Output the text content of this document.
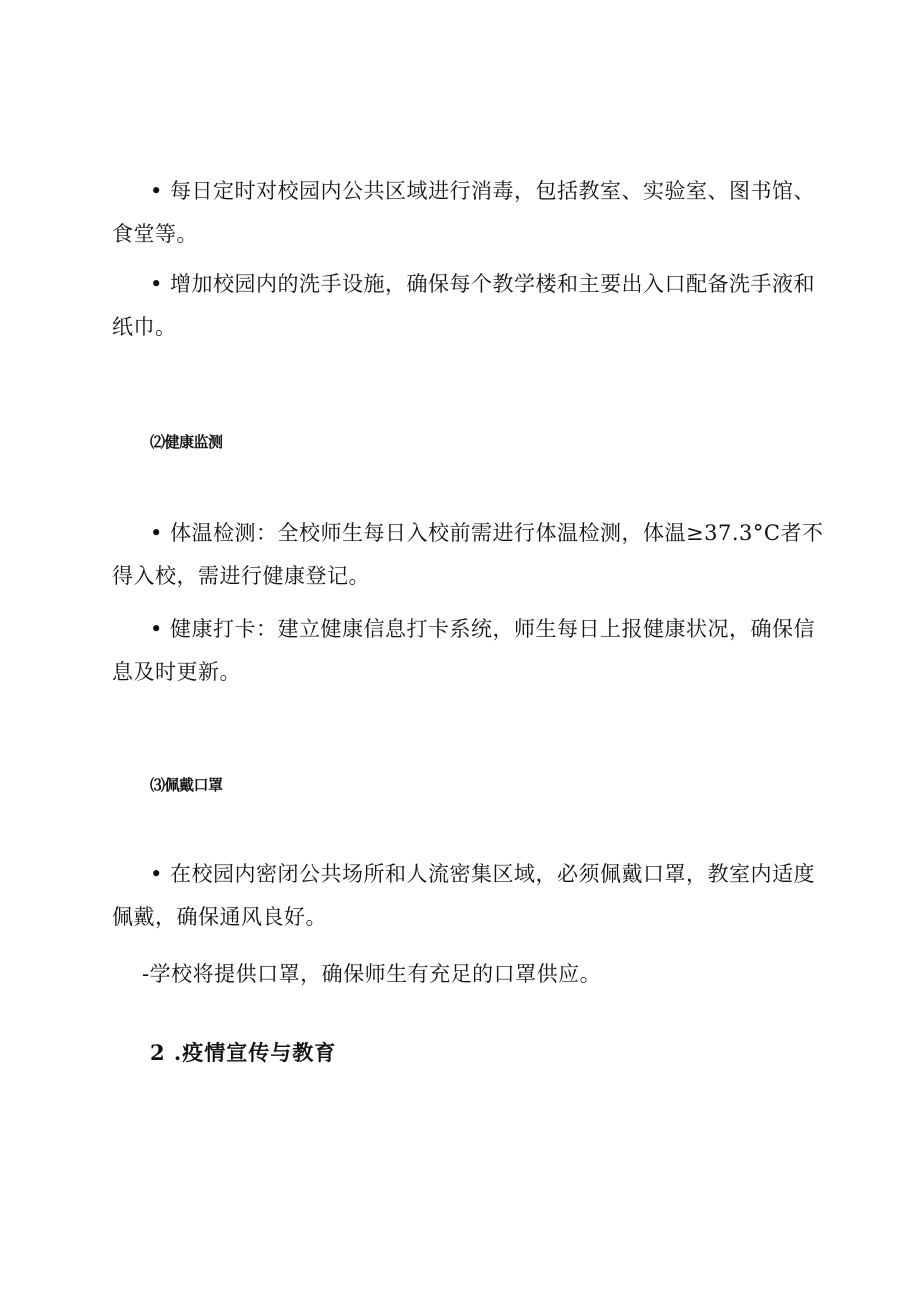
• 每日定时对校园内公共区域进行消毒，包括教室、实验室、图书馆、食堂等。

• 增加校园内的洗手设施，确保每个教学楼和主要出入口配备洗手液和纸巾。

⑵健康监测

• 体温检测：全校师生每日入校前需进行体温检测，体温≥37.3°C者不得入校，需进行健康登记。

• 健康打卡：建立健康信息打卡系统，师生每日上报健康状况，确保信息及时更新。

⑶佩戴口罩

• 在校园内密闭公共场所和人流密集区域，必须佩戴口罩，教室内适度佩戴，确保通风良好。

-学校将提供口罩，确保师生有充足的口罩供应。

2 .疫情宣传与教育
